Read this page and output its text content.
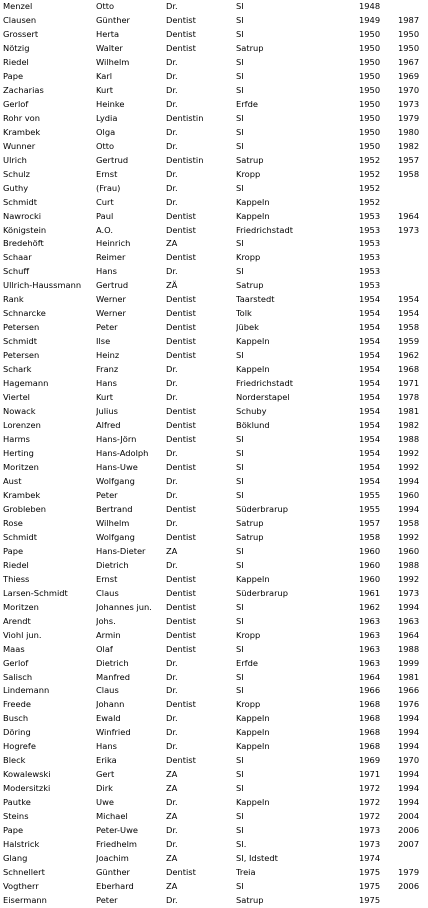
Menzel	Otto	Dr.	SI	1948
Clausen	Günther	Dentist	SI	1949	1987
Grossert	Herta	Dentist	SI	1950	1950
Nötzig	Walter	Dentist	Satrup	1950	1950
Riedel	Wilhelm	Dr.	SI	1950	1967
Pape	Karl	Dr.	SI	1950	1969
Zacharias	Kurt	Dr.	SI	1950	1970
Gerlof	Heinke	Dr.	Erfde	1950	1973
Rohr von	Lydia	Dentistin	SI	1950	1979
Krambek	Olga	Dr.	SI	1950	1980
Wunner	Otto	Dr.	SI	1950	1982
Ulrich	Gertrud	Dentistin	Satrup	1952	1957
Schulz	Ernst	Dr.	Kropp	1952	1958
Guthy	(Frau)	Dr.	SI	1952
Schmidt	Curt	Dr.	Kappeln	1952
Nawrocki	Paul	Dentist	Kappeln	1953	1964
Königstein	A.O.	Dentist	Friedrichstadt	1953	1973
Bredehöft	Heinrich	ZA	SI	1953
Schaar	Reimer	Dentist	Kropp	1953
Schuff	Hans	Dr.	SI	1953
Ullrich-Haussmann	Gertrud	ZÄ	Satrup	1953
Rank	Werner	Dentist	Taarstedt	1954	1954
Schnarcke	Werner	Dentist	Tolk	1954	1954
Petersen	Peter	Dentist	Jübek	1954	1958
Schmidt	Ilse	Dentist	Kappeln	1954	1959
Petersen	Heinz	Dentist	SI	1954	1962
Schark	Franz	Dr.	Kappeln	1954	1968
Hagemann	Hans	Dr.	Friedrichstadt	1954	1971
Viertel	Kurt	Dr.	Norderstapel	1954	1978
Nowack	Julius	Dentist	Schuby	1954	1981
Lorenzen	Alfred	Dentist	Böklund	1954	1982
Harms	Hans-Jörn	Dentist	SI	1954	1988
Herting	Hans-Adolph	Dr.	SI	1954	1992
Moritzen	Hans-Uwe	Dentist	SI	1954	1992
Aust	Wolfgang	Dr.	SI	1954	1994
Krambek	Peter	Dr.	SI	1955	1960
Grobleben	Bertrand	Dentist	Süderbrarup	1955	1994
Rose	Wilhelm	Dr.	Satrup	1957	1958
Schmidt	Wolfgang	Dentist	Satrup	1958	1992
Pape	Hans-Dieter	ZA	SI	1960	1960
Riedel	Dietrich	Dr.	SI	1960	1988
Thiess	Ernst	Dentist	Kappeln	1960	1992
Larsen-Schmidt	Claus	Dentist	Süderbrarup	1961	1973
Moritzen	Johannes jun.	Dentist	SI	1962	1994
Arendt	Johs.	Dentist	SI	1963	1963
Viohl jun.	Armin	Dentist	Kropp	1963	1964
Maas	Olaf	Dentist	SI	1963	1988
Gerlof	Dietrich	Dr.	Erfde	1963	1999
Salisch	Manfred	Dr.	SI	1964	1981
Lindemann	Claus	Dr.	SI	1966	1966
Freede	Johann	Dentist	Kropp	1968	1976
Busch	Ewald	Dr.	Kappeln	1968	1994
Döring	Winfried	Dr.	Kappeln	1968	1994
Hogrefe	Hans	Dr.	Kappeln	1968	1994
Bleck	Erika	Dentist	SI	1969	1970
Kowalewski	Gert	ZA	SI	1971	1994
Modersitzki	Dirk	ZA	SI	1972	1994
Pautke	Uwe	Dr.	Kappeln	1972	1994
Steins	Michael	ZA	SI	1972	2004
Pape	Peter-Uwe	Dr.	SI	1973	2006
Halstrick	Friedhelm	Dr.	SI.	1973	2007
Glang	Joachim	ZA	SI, Idstedt	1974
Schnellert	Günther	Dentist	Treia	1975	1979
Vogtherr	Eberhard	ZA	SI	1975	2006
Eisermann	Peter	Dr.	Satrup	1975
